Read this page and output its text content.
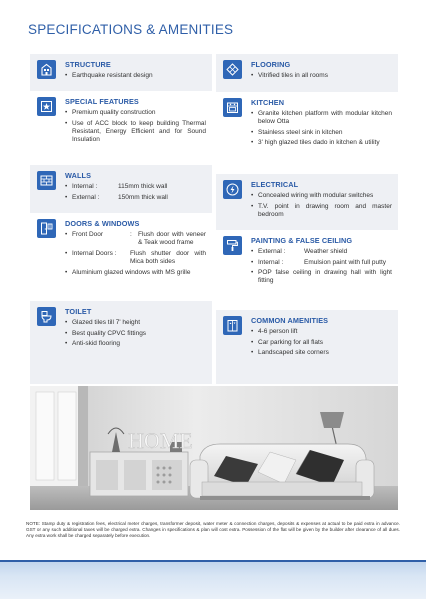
SPECIFICATIONS & AMENITIES
STRUCTURE
• Earthquake resistant design
SPECIAL FEATURES
• Premium quality construction
• Use of ACC block to keep building Thermal Resistant, Energy Efficient and for Sound Insulation
WALLS
• Internal :	115mm thick wall
• External :	150mm thick wall
DOORS & WINDOWS
• Front Door	: Flush door with veneer & Teak wood frame
• Internal Doors :	Flush shutter door with Mica both sides
• Aluminium glazed windows with MS grille
TOILET
• Glazed tiles till 7' height
• Best quality CPVC fittings
• Anti-skid flooring
FLOORING
• Vitrified tiles in all rooms
KITCHEN
• Granite kitchen platform with modular kitchen below Otta
• Stainless steel sink in kitchen
• 3' high glazed tiles dado in kitchen & utility
ELECTRICAL
• Concealed wiring with modular switches
• T.V. point in drawing room and master bedroom
PAINTING & FALSE CEILING
• External :	Weather shield
• Internal :	Emulsion paint with full putty
• POP false ceiling in drawing hall with light fitting
COMMON AMENITIES
• 4-6 person lift
• Car parking for all flats
• Landscaped site corners
HOME
NOTE: Stamp duty & registration fees, electrical meter charges, transformer deposit, water meter & connection charges, deposits & expenses at actual to be paid extra in advance. GST or any such additional taxes will be charged extra. Changes in specifications & plan will cost extra. Possession of the flat will be given by the builder after clearance of all dues. Any extra work shall be charged separately before execution.
